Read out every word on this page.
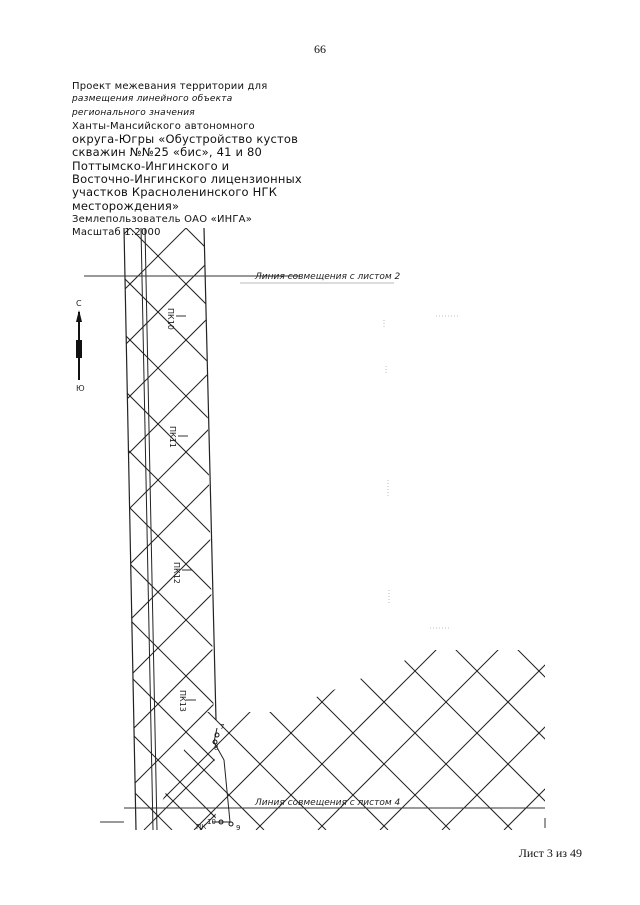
66
Проект межевания территории для
размещения линейного объекта
регионального значения
Ханты-Мансийского автономного
округа-Югры «Обустройство кустов
скважин №№25 «бис», 41 и 80
Поттымско-Ингинского и
Восточно-Ингинского лицензионных
участков Красноленинского НГК
месторождения»
Землепользователь ОАО «ИНГА»
Масштаб 1:2000
Линия совмещения с листом 2
Линия совмещения с листом 4
С
Ю
ПК10
ПК11
ПК12
ПК13
7
8
10
9
ПК
Лист 3 из 49
